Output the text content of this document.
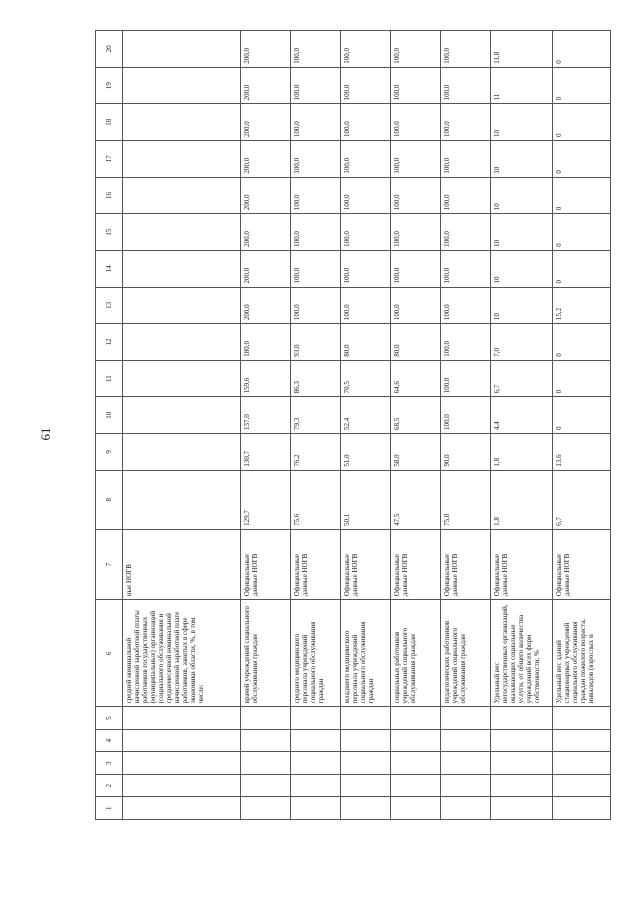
61
1	2	3	4	5	6	7	8	9	10	11	12	13	14	15	16	17	18	19	20
					средней номинальной начисленной заработной платы работников государственных (муниципальных) организаций (социального обслуживания и среднемесячной номинальной начисленной заработной плате работников, занятых в сфере экономики области, %, в том числе:	ные НОГВ													
					врачей учреждений социального обслуживания граждан	Официальные данные НОГВ	129,7	130,7	137,0	159,6	180,0	200,0	200,0	200,0	200,0	200,0	200,0	200,0	200,0
					среднего медицинского персонала учреждений социального обслуживания граждан	Официальные данные НОГВ	75,6	76,2	79,3	86,3	93,0	100,0	100,0	100,0	100,0	100,0	100,0	100,0	100,0
					младшего медицинского персонала учреждений социального обслуживания граждан	Официальные данные НОГВ	50,1	51,0	52,4	70,5	80,0	100,0	100,0	100,0	100,0	100,0	100,0	100,0	100,0
					социальных работников учреждений социального обслуживания граждан	Официальные данные НОГВ	47,5	58,0	68,5	64,6	80,0	100,0	100,0	100,0	100,0	100,0	100,0	100,0	100,0
					педагогических работников учреждений социального обслуживания граждан	Официальные данные НОГВ	75,0	90,0	100,0	100,0	100,0	100,0	100,0	100,0	100,0	100,0	100,0	100,0	100,0
					Удельный вес негосударственных организаций, оказывающих социальные услуги, от общего количества учреждений всех форм собственности, %	Официальные данные НОГВ	1,8	1,8	4,4	6,7	7,0	10	10	10	10	10	10	11	11,8
					Удельный вес зданий стационарных учреждений социального обслуживания граждан пожилого возраста, инвалидов (взрослых и	Официальные данные НОГВ	6,7	13,6	0	0	0	15,2	0	0	0	0	0	0	0
